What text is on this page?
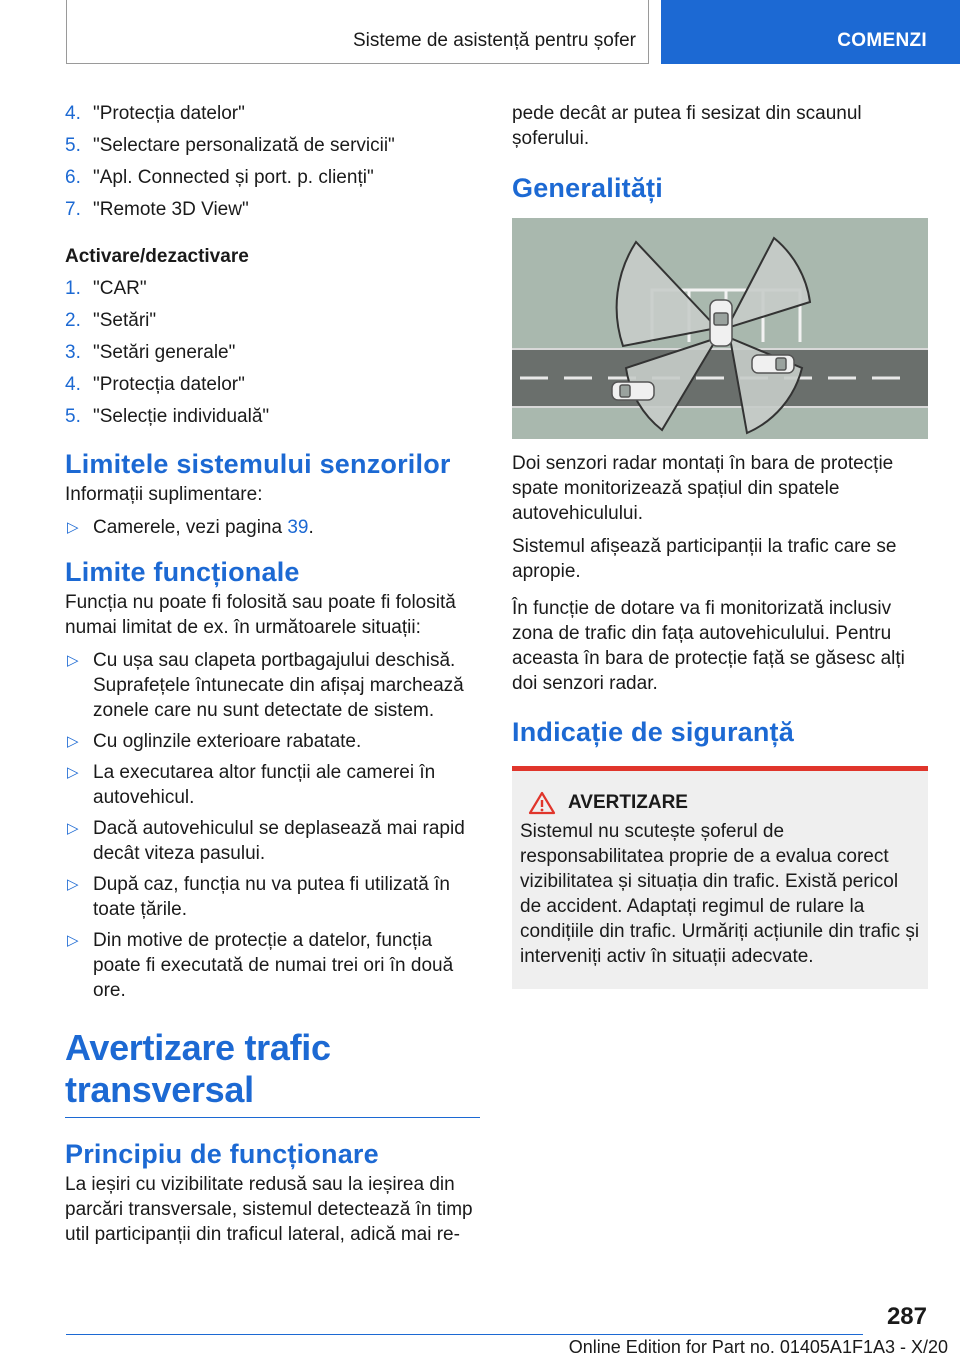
Sisteme de asistență pentru șofer	COMENZI
4. "Protecția datelor"
5. "Selectare personalizată de servicii"
6. "Apl. Connected și port. p. clienți"
7. "Remote 3D View"
Activare/dezactivare
1. "CAR"
2. "Setări"
3. "Setări generale"
4. "Protecția datelor"
5. "Selecție individuală"
Limitele sistemului senzorilor

Informații suplimentare:

▷ Camerele, vezi pagina 39.
Limite funcționale

Funcția nu poate fi folosită sau poate fi folosită numai limitat de ex. în următoarele situații:

▷ Cu ușa sau clapeta portbagajului deschisă. Suprafețele întunecate din afișaj marchează zonele care nu sunt detectate de sistem.
▷ Cu oglinzile exterioare rabatate.
▷ La executarea altor funcții ale camerei în autovehicul.
▷ Dacă autovehiculul se deplasează mai rapid decât viteza pasului.
▷ După caz, funcția nu va putea fi utilizată în toate țările.
▷ Din motive de protecție a datelor, funcția poate fi executată de numai trei ori în două ore.
Avertizare trafic transversal
Principiu de funcționare

La ieșiri cu vizibilitate redusă sau la ieșirea din parcări transversale, sistemul detectează în timp util participanții din traficul lateral, adică mai re-

pede decât ar putea fi sesizat din scaunul șoferului.

Generalități

Doi senzori radar montați în bara de protecție spate monitorizează spațiul din spatele autovehiculului.

Sistemul afișează participanții la trafic care se apropie.

În funcție de dotare va fi monitorizată inclusiv zona de trafic din fața autovehiculului. Pentru aceasta în bara de protecție față se găsesc alți doi senzori radar.

Indicație de siguranță
AVERTIZARE

Sistemul nu scutește șoferul de responsabilitatea proprie de a evalua corect vizibilitatea și situația din trafic. Există pericol de accident. Adaptați regimul de rulare la condițiile din trafic. Urmăriți acțiunile din trafic și interveniți activ în situații adecvate.

287
Online Edition for Part no. 01405A1F1A3 - X/20
